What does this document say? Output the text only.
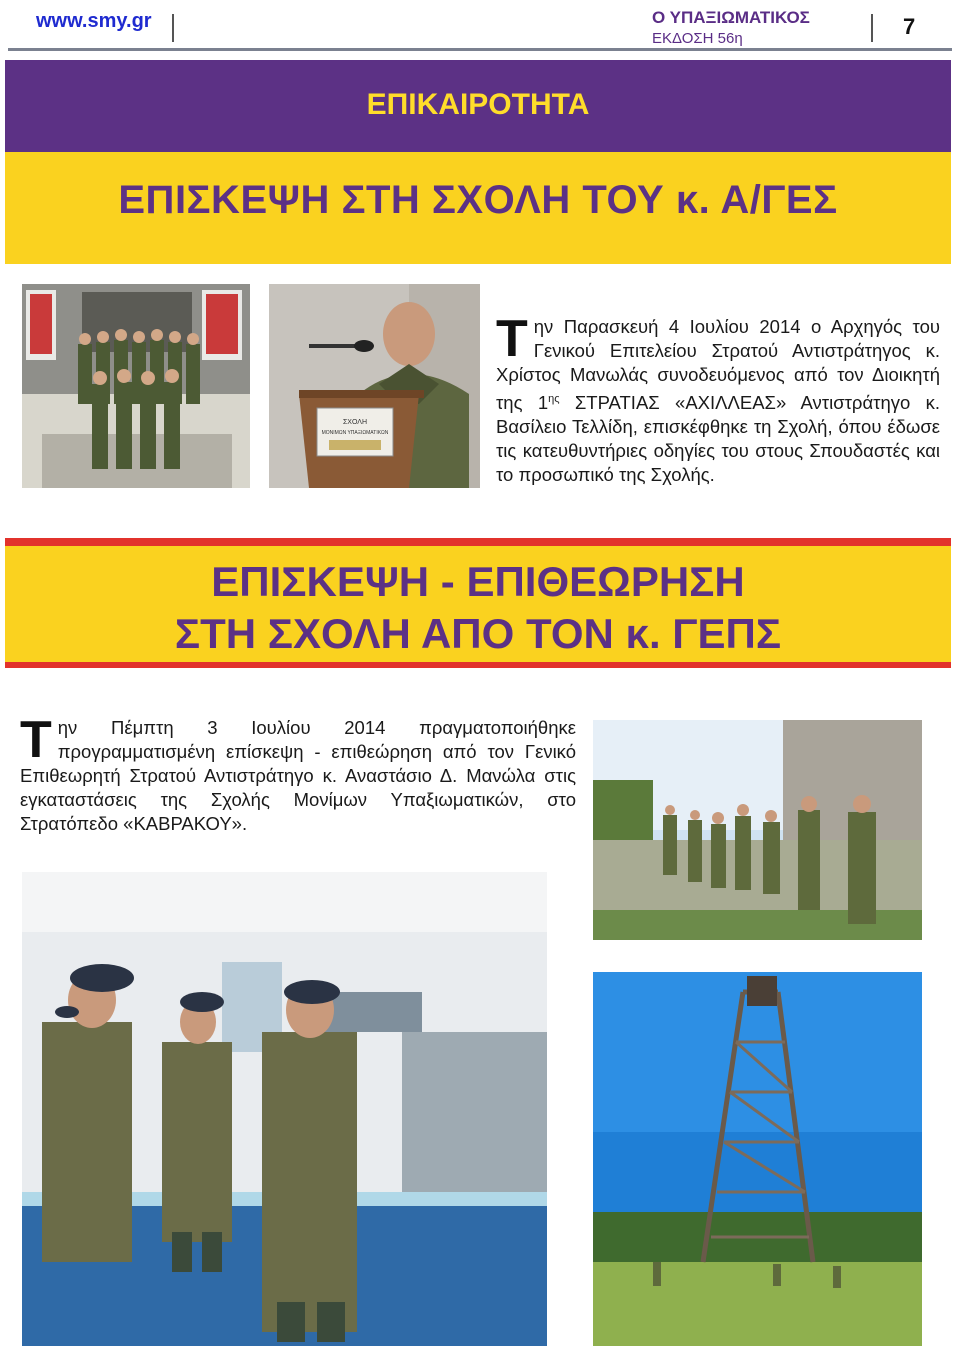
www.smy.gr	Ο ΥΠΑΞΙΩΜΑΤΙΚΟΣ
ΕΚΔΟΣΗ 56η	7
ΕΠΙΚΑΙΡΟΤΗΤΑ
ΕΠΙΣΚΕΨΗ ΣΤΗ ΣΧΟΛΗ ΤΟΥ κ. Α/ΓΕΣ
ΣΧΟΛΗ
ΜΟΝΙΜΩΝ ΥΠΑΞΙΩΜΑΤΙΚΩΝ
Την Παρασκευή 4 Ιουλίου 2014 ο Αρχηγός του Γενικού Επιτελείου Στρατού Αντιστράτηγος κ. Χρίστος Μανωλάς συνοδευόμενος από τον Διοικητή της $1^{\eta\varsigma}$ ΣΤΡΑΤΙΑΣ «ΑΧΙΛΛΕΑΣ» Αντιστράτηγο κ. Βασίλειο Τελλίδη, επισκέφθηκε τη Σχολή, όπου έδωσε τις κατευθυντήριες οδηγίες του στους Σπουδαστές και το προσωπικό της Σχολής.
ΕΠΙΣΚΕΨΗ - ΕΠΙΘΕΩΡΗΣΗ
ΣΤΗ ΣΧΟΛΗ ΑΠΟ ΤΟΝ κ. ΓΕΠΣ
Την Πέμπτη 3 Ιουλίου 2014 πραγματοποιήθηκε προγραμματισμένη επίσκεψη - επιθεώρηση από τον Γενικό Επιθεωρητή Στρατού Αντιστράτηγο κ. Αναστάσιο Δ. Μανώλα στις εγκαταστάσεις της Σχολής Μονίμων Υπαξιωματικών, στο Στρατόπεδο «ΚΑΒΡΑΚΟΥ».
